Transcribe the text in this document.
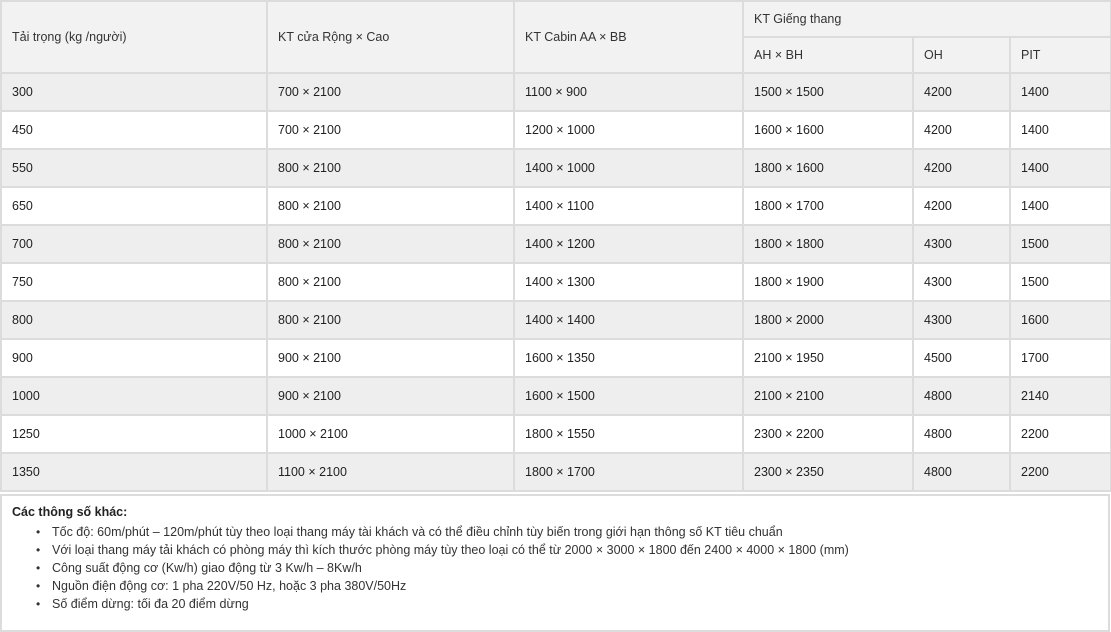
Tải trọng (kg /người)	KT cửa Rộng × Cao	KT Cabin AA × BB	KT Giếng thang		
			AH × BH	OH	PIT
300	700 × 2100	1100 × 900	1500 × 1500	4200	1400
450	700 × 2100	1200 × 1000	1600 × 1600	4200	1400
550	800 × 2100	1400 × 1000	1800 × 1600	4200	1400
650	800 × 2100	1400 × 1100	1800 × 1700	4200	1400
700	800 × 2100	1400 × 1200	1800 × 1800	4300	1500
750	800 × 2100	1400 × 1300	1800 × 1900	4300	1500
800	800 × 2100	1400 × 1400	1800 × 2000	4300	1600
900	900 × 2100	1600 × 1350	2100 × 1950	4500	1700
1000	900 × 2100	1600 × 1500	2100 × 2100	4800	2140
1250	1000 × 2100	1800 × 1550	2300 × 2200	4800	2200
1350	1100 × 2100	1800 × 1700	2300 × 2350	4800	2200
Các thông số khác:
• Tốc độ: 60m/phút – 120m/phút tùy theo loại thang máy tài khách và có thể điều chỉnh tùy biến trong giới hạn thông số KT tiêu chuẩn
• Với loại thang máy tải khách có phòng máy thì kích thước phòng máy tùy theo loại có thể từ 2000 × 3000 × 1800 đến 2400 × 4000 × 1800 (mm)
• Công suất động cơ (Kw/h) giao động từ 3 Kw/h – 8Kw/h
• Nguồn điện động cơ: 1 pha 220V/50 Hz, hoặc 3 pha 380V/50Hz
• Số điểm dừng: tối đa 20 điểm dừng
